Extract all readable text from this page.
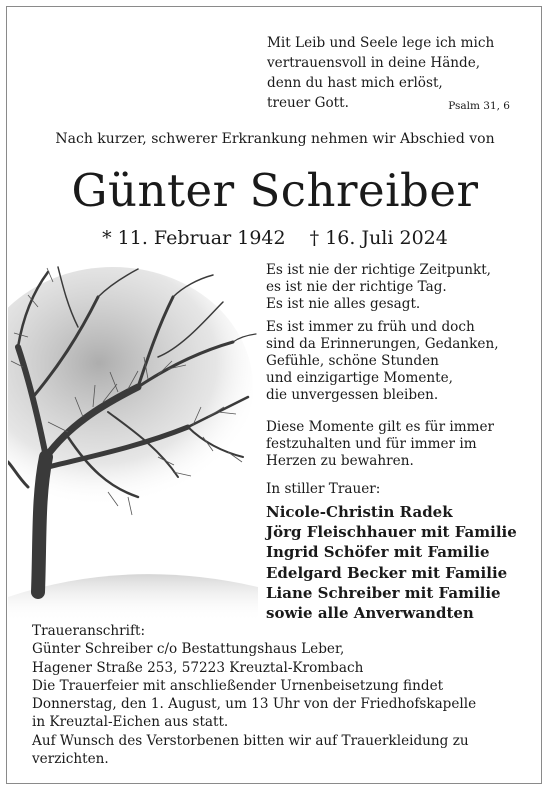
Mit Leib und Seele lege ich mich
vertrauensvoll in deine Hände,
denn du hast mich erlöst,
treuer Gott.	Psalm 31, 6
Nach kurzer, schwerer Erkrankung nehmen wir Abschied von
Günter Schreiber
* 11. Februar 1942 † 16. Juli 2024
Es ist nie der richtige Zeitpunkt,
es ist nie der richtige Tag.
Es ist nie alles gesagt.
Es ist immer zu früh und doch
sind da Erinnerungen, Gedanken,
Gefühle, schöne Stunden
und einzigartige Momente,
die unvergessen bleiben.
Diese Momente gilt es für immer
festzuhalten und für immer im
Herzen zu bewahren.
In stiller Trauer:
Nicole-Christin Radek
Jörg Fleischhauer mit Familie
Ingrid Schöfer mit Familie
Edelgard Becker mit Familie
Liane Schreiber mit Familie
sowie alle Anverwandten
Traueranschrift:
Günter Schreiber c/o Bestattungshaus Leber,
Hagener Straße 253, 57223 Kreuztal-Krombach
Die Trauerfeier mit anschließender Urnenbeisetzung findet
Donnerstag, den 1. August, um 13 Uhr von der Friedhofskapelle
in Kreuztal-Eichen aus statt.
Auf Wunsch des Verstorbenen bitten wir auf Trauerkleidung zu
verzichten.
